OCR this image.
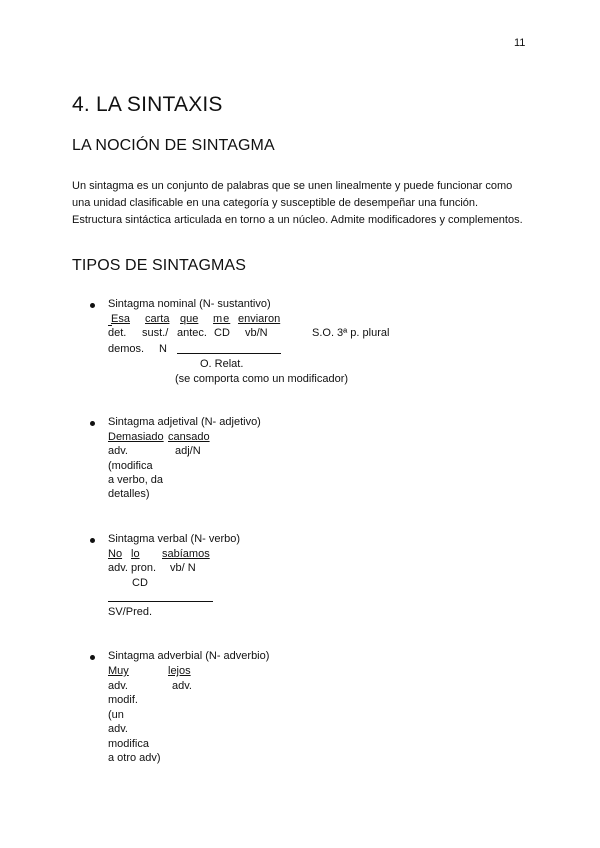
11
4. LA SINTAXIS
LA NOCIÓN DE SINTAGMA
Un sintagma es un conjunto de palabras que se unen linealmente y puede funcionar como
una unidad clasificable en una categoría y susceptible de desempeñar una función.
Estructura sintáctica articulada en torno a un núcleo. Admite modificadores y complementos.
TIPOS DE SINTAGMAS
Sintagma nominal (N- sustantivo)
Esa carta que me enviaron
det. sust./ antec. CD vb/N	S.O. 3ª p. plural
demos. N
O. Relat.
(se comporta como un modificador)
Sintagma adjetival (N- adjetivo)
Demasiado cansado
adv.	adj/N
(modifica
a verbo, da
detalles)
Sintagma verbal (N- verbo)
No lo sabíamos
adv. pron. vb/ N
CD
SV/Pred.
Sintagma adverbial (N- adverbio)
Muy	lejos
adv.	adv.
modif.
(un
adv.
modifica
a otro adv)
